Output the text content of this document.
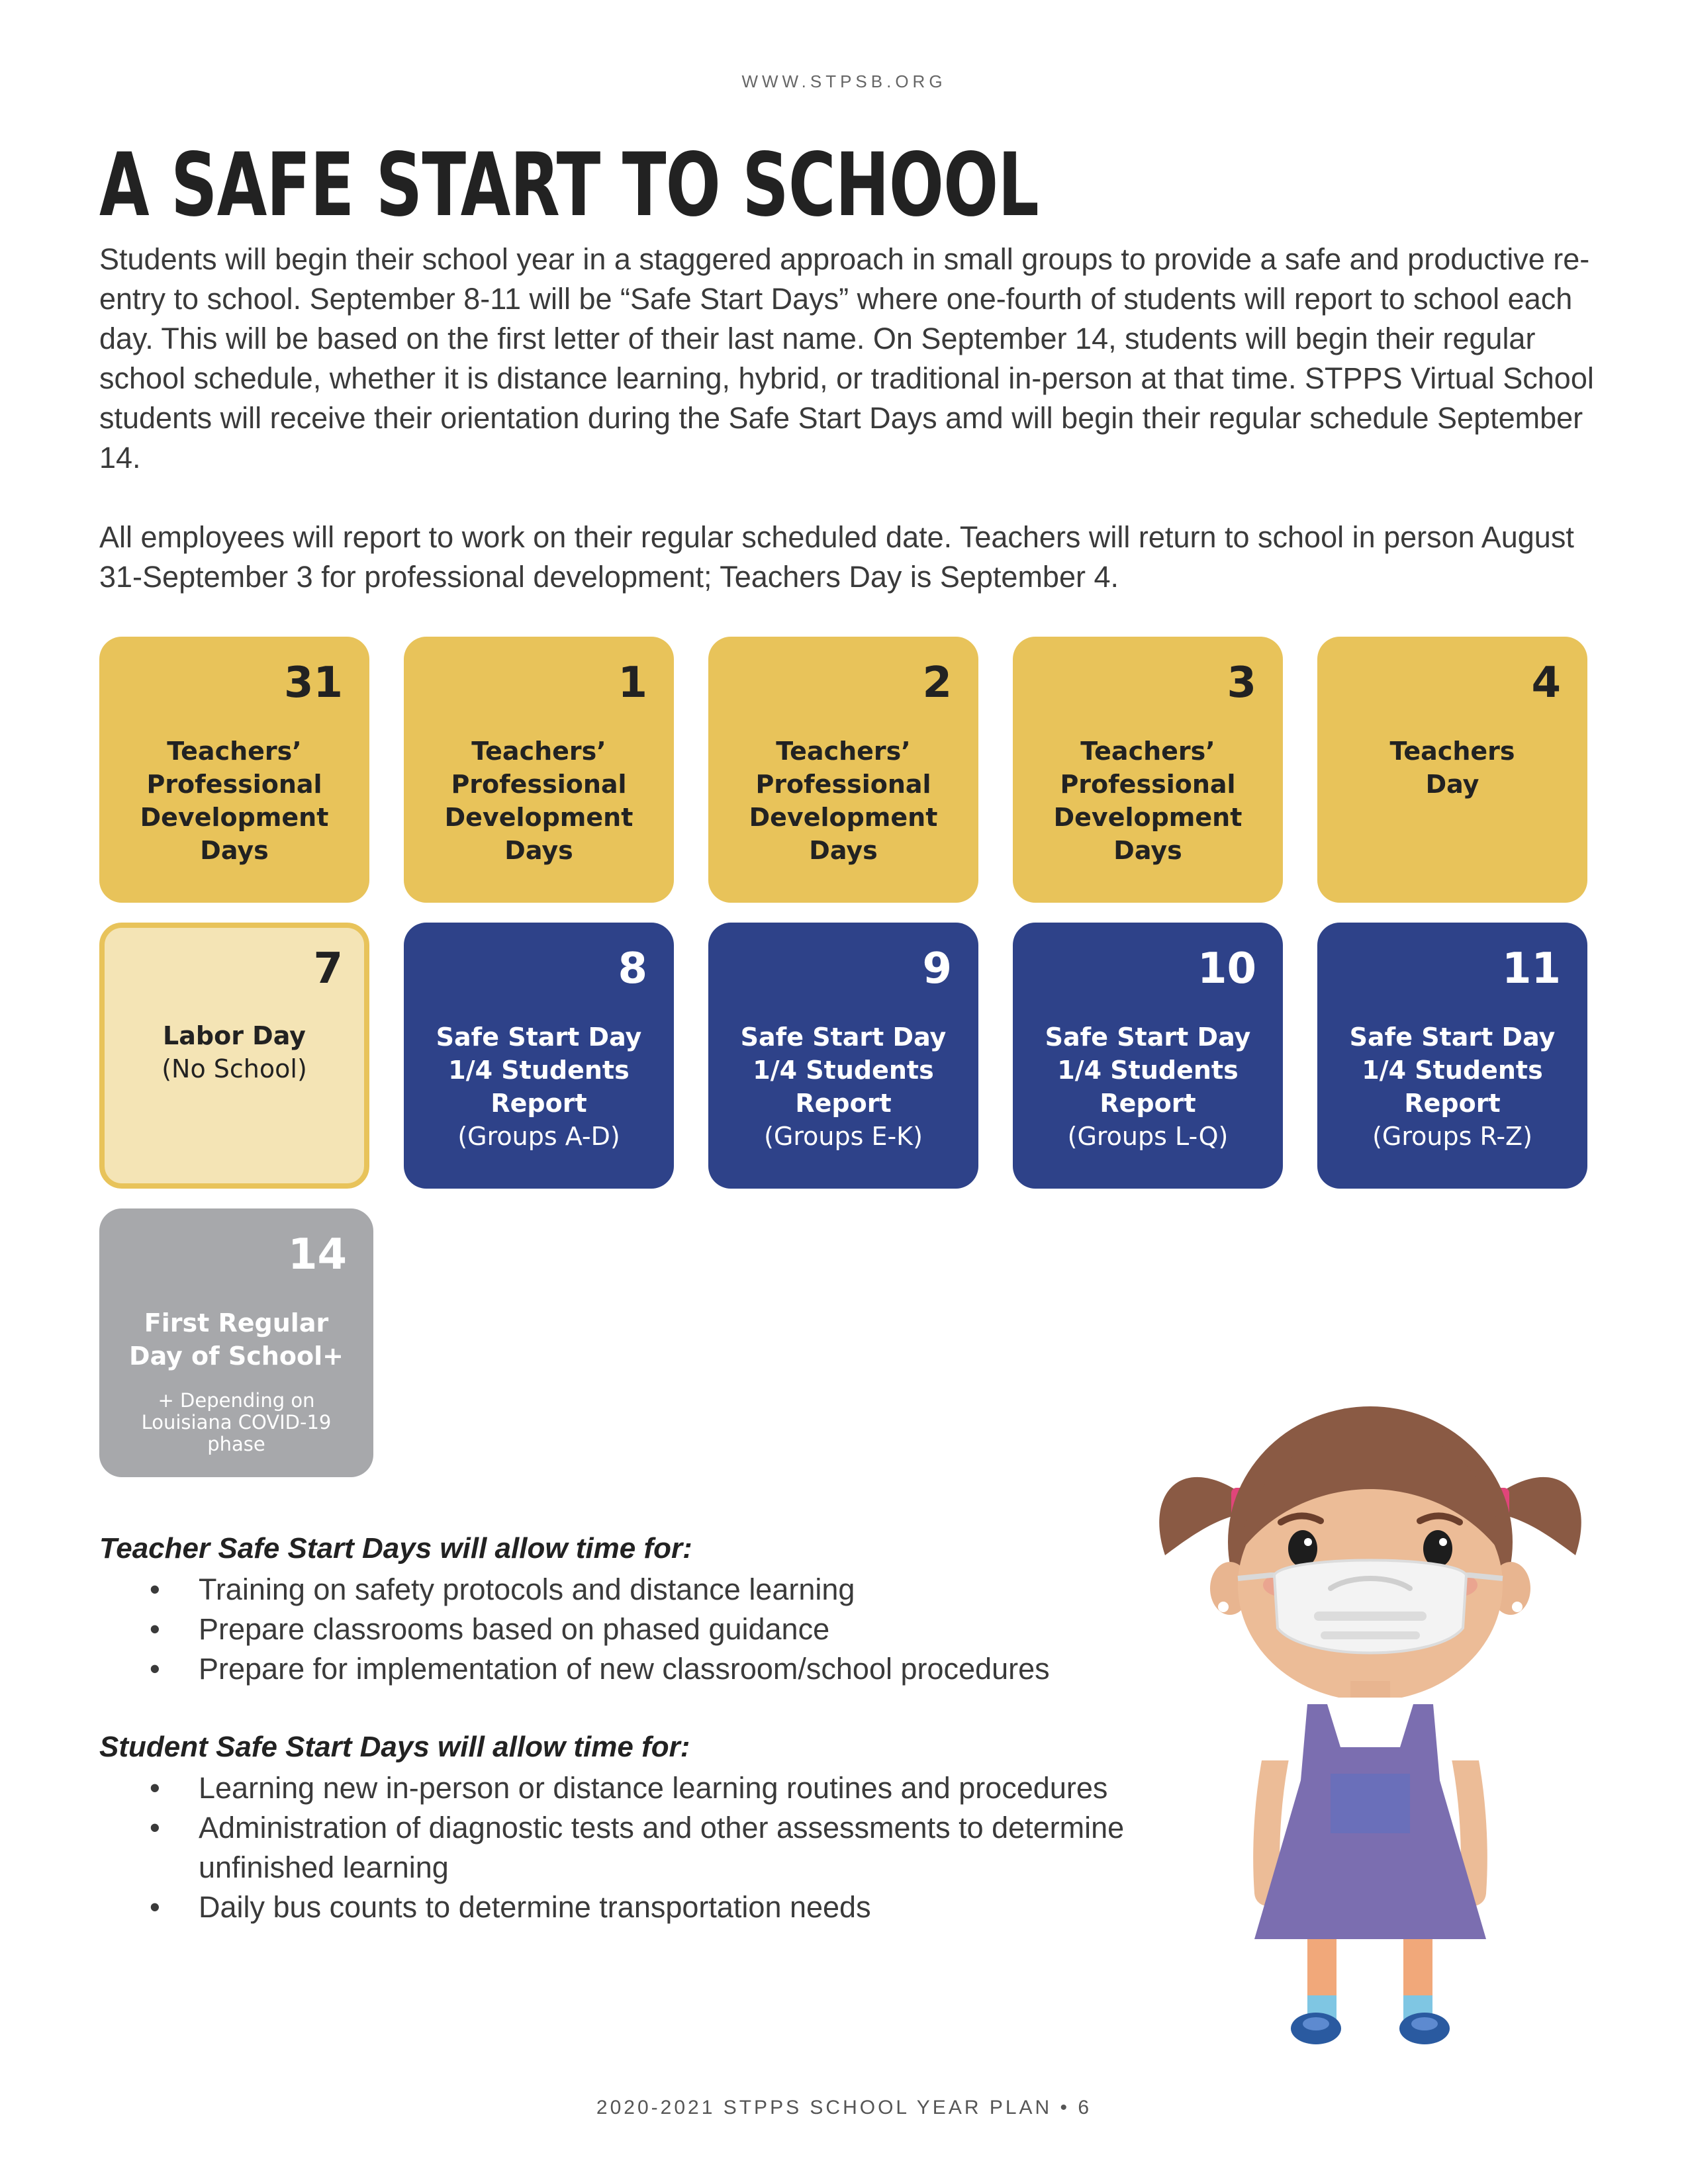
WWW.STPSB.ORG
A SAFE START TO SCHOOL

Students will begin their school year in a staggered approach in small groups to provide a safe and productive re-entry to school. September 8-11 will be “Safe Start Days” where one-fourth of students will report to school each day. This will be based on the first letter of their last name. On September 14, students will begin their regular school schedule, whether it is distance learning, hybrid, or traditional in-person at that time. STPPS Virtual School students will receive their orientation during the Safe Start Days amd will begin their regular schedule September 14.

All employees will report to work on their regular scheduled date. Teachers will return to school in person August 31-September 3 for professional development; Teachers Day is September 4.

31
Teachers’ Professional Development Days
1
Teachers’ Professional Development Days
2
Teachers’ Professional Development Days
3
Teachers’ Professional Development Days
4
Teachers Day
7
Labor Day
(No School)
8
Safe Start Day
1/4 Students Report
(Groups A-D)
9
Safe Start Day
1/4 Students Report
(Groups E-K)
10
Safe Start Day
1/4 Students Report
(Groups L-Q)
11
Safe Start Day
1/4 Students Report
(Groups R-Z)
14
First Regular Day of School+
+ Depending on Louisiana COVID-19 phase
Teacher Safe Start Days will allow time for:
• Training on safety protocols and distance learning
• Prepare classrooms based on phased guidance
• Prepare for implementation of new classroom/school procedures
Student Safe Start Days will allow time for:
• Learning new in-person or distance learning routines and procedures
• Administration of diagnostic tests and other assessments to determine unfinished learning
• Daily bus counts to determine transportation needs
2020-2021 STPPS SCHOOL YEAR PLAN • 6
